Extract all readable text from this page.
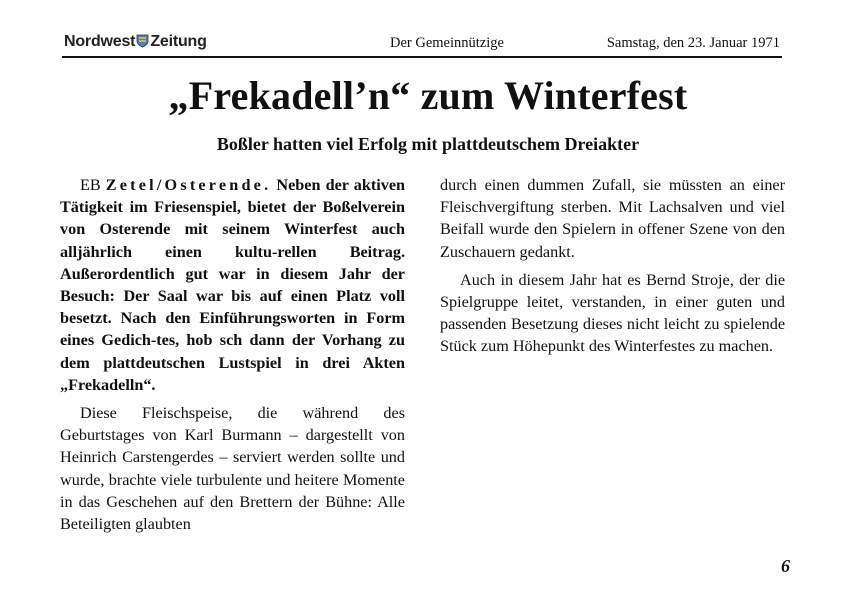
Nordwest Zeitung	Der Gemeinnützige	Samstag, den 23. Januar 1971
„Frekadell’n“ zum Winterfest
Boßler hatten viel Erfolg mit plattdeutschem Dreiakter

EB Zetel/Osterende. Neben der aktiven Tätigkeit im Friesenspiel, bietet der Boßelverein von Osterende mit seinem Winterfest auch alljährlich einen kultu-rellen Beitrag. Außerordentlich gut war in diesem Jahr der Besuch: Der Saal war bis auf einen Platz voll besetzt. Nach den Einführungsworten in Form eines Gedich-tes, hob sch dann der Vorhang zu dem plattdeutschen Lustspiel in drei Akten „Frekadelln“.

Diese Fleischspeise, die während des Geburtstages von Karl Burmann – dargestellt von Heinrich Carstengerdes – serviert werden sollte und wurde, brachte viele turbulente und heitere Momente in das Geschehen auf den Brettern der Bühne: Alle Beteiligten glaubten

durch einen dummen Zufall, sie müssten an einer Fleischvergiftung sterben. Mit Lachsalven und viel Beifall wurde den Spielern in offener Szene von den Zuschauern gedankt.

Auch in diesem Jahr hat es Bernd Stroje, der die Spielgruppe leitet, verstanden, in einer guten und passenden Besetzung dieses nicht leicht zu spielende Stück zum Höhepunkt des Winterfestes zu machen.

6
